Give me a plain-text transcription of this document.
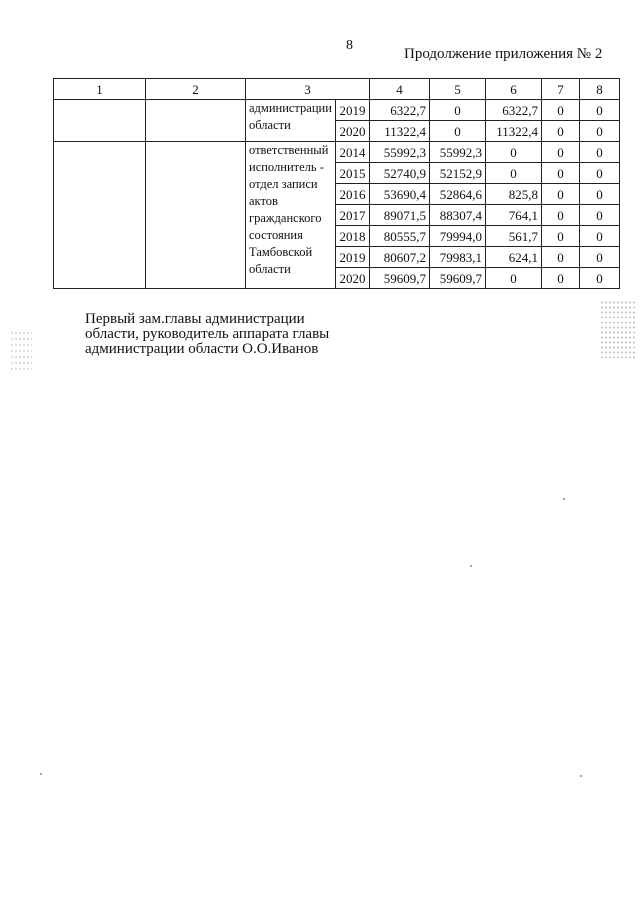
8
Продолжение приложения № 2
1	2	3		4	5	6	7	8
		администрации области	2019	6322,7	0	6322,7	0	0
			2020	11322,4	0	11322,4	0	0
		ответственный исполнитель - отдел записи актов гражданского состояния Тамбовской области	2014	55992,3	55992,3	0	0	0
			2015	52740,9	52152,9	0	0	0
			2016	53690,4	52864,6	825,8	0	0
			2017	89071,5	88307,4	764,1	0	0
			2018	80555,7	79994,0	561,7	0	0
			2019	80607,2	79983,1	624,1	0	0
			2020	59609,7	59609,7	0	0	0
Первый зам.главы администрации
области, руководитель аппарата главы
администрации области О.О.Иванов
